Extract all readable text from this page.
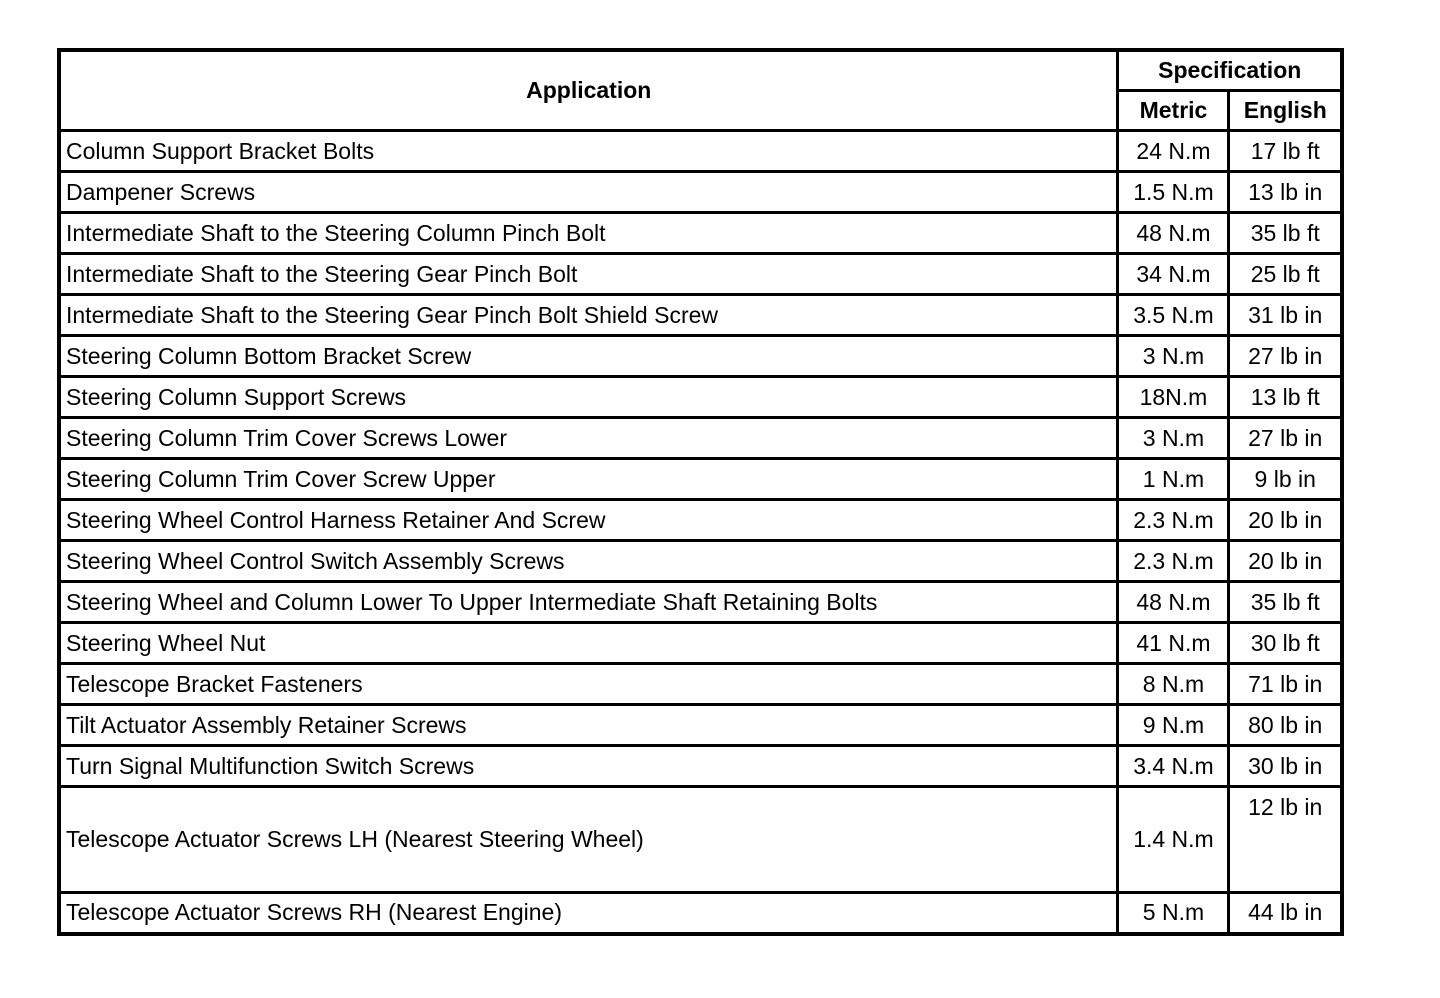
Application	Specification	
	Metric	English
Column Support Bracket Bolts	24 N.m	17 lb ft
Dampener Screws	1.5 N.m	13 lb in
Intermediate Shaft to the Steering Column Pinch Bolt	48 N.m	35 lb ft
Intermediate Shaft to the Steering Gear Pinch Bolt	34 N.m	25 lb ft
Intermediate Shaft to the Steering Gear Pinch Bolt Shield Screw	3.5 N.m	31 lb in
Steering Column Bottom Bracket Screw	3 N.m	27 lb in
Steering Column Support Screws	18N.m	13 lb ft
Steering Column Trim Cover Screws Lower	3 N.m	27 lb in
Steering Column Trim Cover Screw Upper	1 N.m	9 lb in
Steering Wheel Control Harness Retainer And Screw	2.3 N.m	20 lb in
Steering Wheel Control Switch Assembly Screws	2.3 N.m	20 lb in
Steering Wheel and Column Lower To Upper Intermediate Shaft Retaining Bolts	48 N.m	35 lb ft
Steering Wheel Nut	41 N.m	30 lb ft
Telescope Bracket Fasteners	8 N.m	71 lb in
Tilt Actuator Assembly Retainer Screws	9 N.m	80 lb in
Turn Signal Multifunction Switch Screws	3.4 N.m	30 lb in
Telescope Actuator Screws LH (Nearest Steering Wheel)	1.4 N.m	12 lb in
Telescope Actuator Screws RH (Nearest Engine)	5 N.m	44 lb in
